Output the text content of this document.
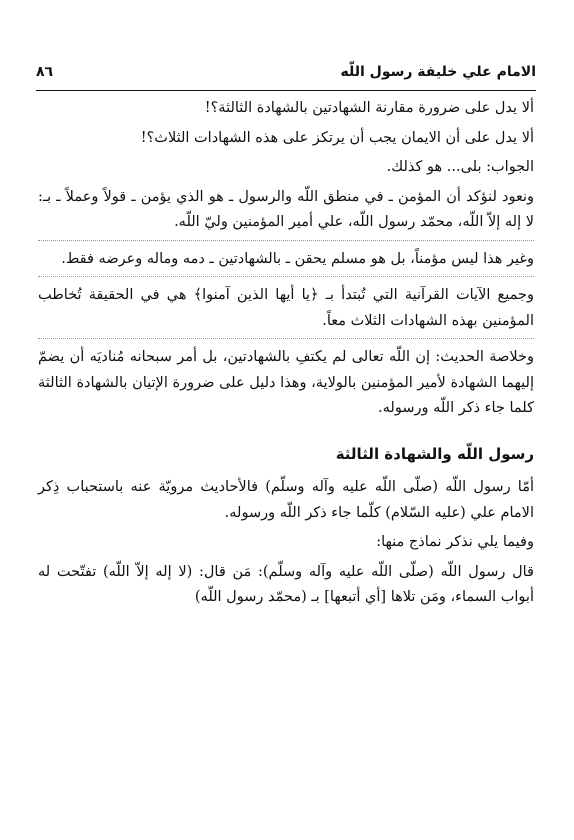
الامام علي خليفة رسول اللّه
٨٦

ألا يدل على ضرورة مقارنة الشهادتين بالشهادة الثالثة؟!

ألا يدل على أن الايمان يجب أن يرتكز على هذه الشهادات الثلاث؟!

الجواب: بلى... هو كذلك.

ونعود لنؤكد أن المؤمن ـ في منطق اللّه والرسول ـ هو الذي يؤمن ـ قولاً وعملاً ـ بـ: لا إله إلاّ اللّه، محمّد رسول اللّه، علي أمير المؤمنين وليّ اللّه.

وغير هذا ليس مؤمناً، بل هو مسلم يحقن ـ بالشهادتين ـ دمه وماله وعرضه فقط.

وجميع الآيات القرآنية التي تُبتدأ بـ ﴿يا أيها الذين آمنوا﴾ هي في الحقيقة تُخاطب المؤمنين بهذه الشهادات الثلاث معاً.

وخلاصة الحديث: إن اللّه تعالى لم يكتفِ بالشهادتين، بل أمر سبحانه مُناديَه أن يضمّ إليهما الشهادة لأمير المؤمنين بالولاية، وهذا دليل على ضرورة الإتيان بالشهادة الثالثة كلما جاء ذكر اللّه ورسوله.

رسول اللّه والشهادة الثالثة

أمّا رسول اللّه (صلّى اللّه عليه وآله وسلّم) فالأحاديث مرويّة عنه باستحباب ذِكر الامام علي (عليه السّلام) كلّما جاء ذكر اللّه ورسوله.

وفيما يلي نذكر نماذج منها:

قال رسول اللّه (صلّى اللّه عليه وآله وسلّم): مَن قال: (لا إله إلاّ اللّه) تفتّحت له أبواب السماء، ومَن تلاها [أي أتبعها] بـ (محمّد رسول اللّه)
